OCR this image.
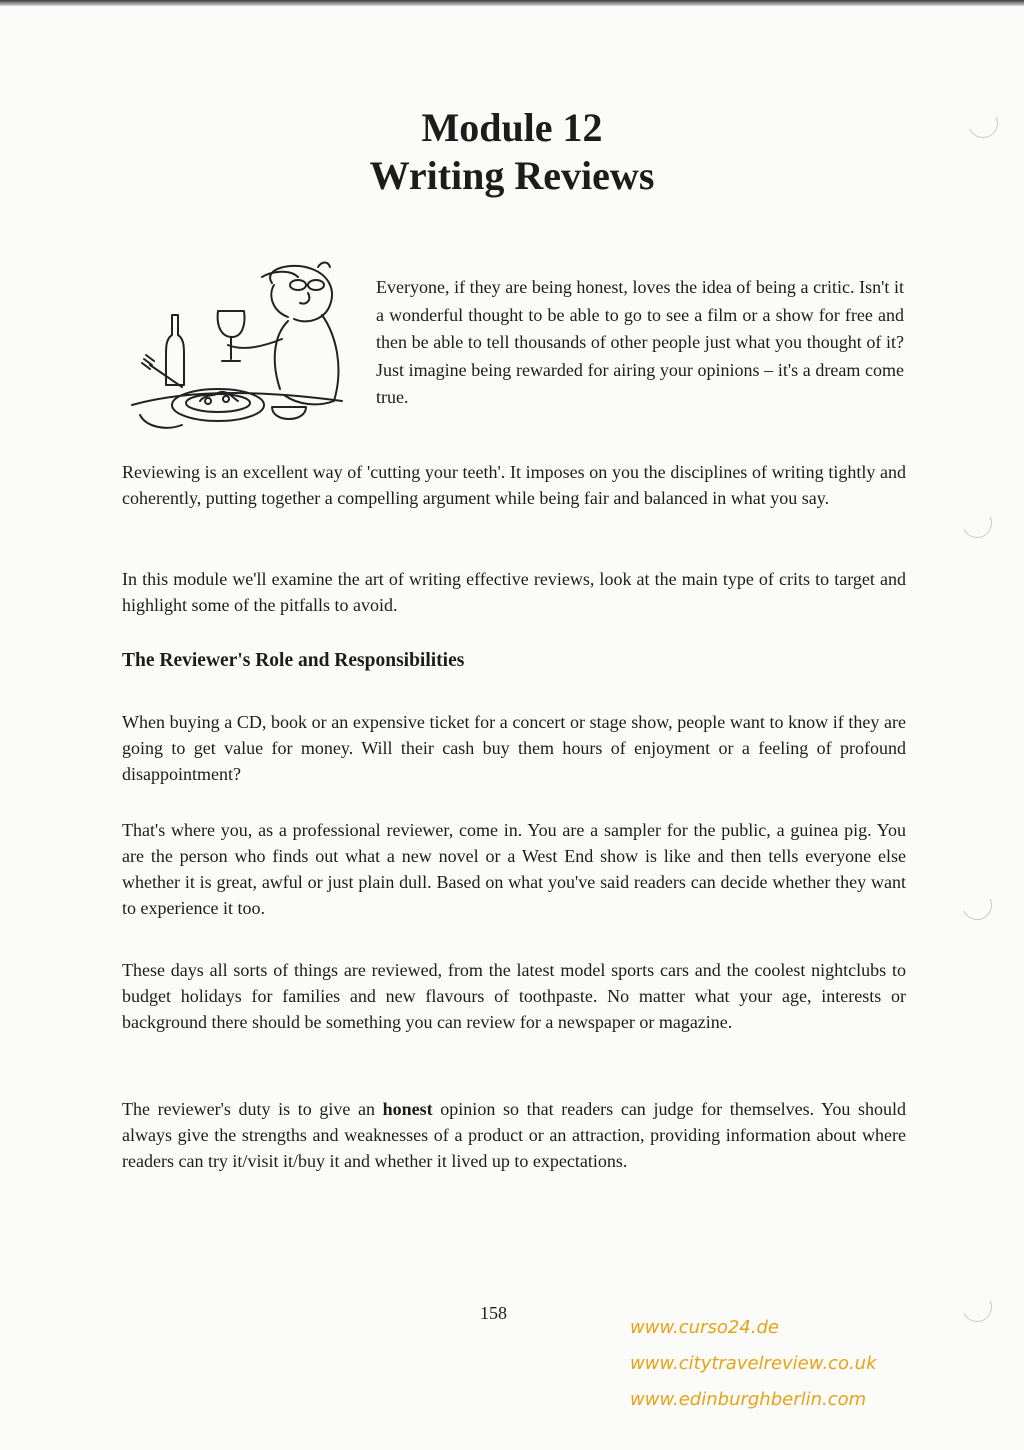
Module 12
Writing Reviews

Everyone, if they are being honest, loves the idea of being a critic. Isn't it a wonderful thought to be able to go to see a film or a show for free and then be able to tell thousands of other people just what you thought of it? Just imagine being rewarded for airing your opinions – it's a dream come true.

Reviewing is an excellent way of 'cutting your teeth'. It imposes on you the disciplines of writing tightly and coherently, putting together a compelling argument while being fair and balanced in what you say.

In this module we'll examine the art of writing effective reviews, look at the main type of crits to target and highlight some of the pitfalls to avoid.

The Reviewer's Role and Responsibilities

When buying a CD, book or an expensive ticket for a concert or stage show, people want to know if they are going to get value for money. Will their cash buy them hours of enjoyment or a feeling of profound disappointment?

That's where you, as a professional reviewer, come in. You are a sampler for the public, a guinea pig. You are the person who finds out what a new novel or a West End show is like and then tells everyone else whether it is great, awful or just plain dull. Based on what you've said readers can decide whether they want to experience it too.

These days all sorts of things are reviewed, from the latest model sports cars and the coolest nightclubs to budget holidays for families and new flavours of toothpaste. No matter what your age, interests or background there should be something you can review for a newspaper or magazine.

The reviewer's duty is to give an honest opinion so that readers can judge for themselves. You should always give the strengths and weaknesses of a product or an attraction, providing information about where readers can try it/visit it/buy it and whether it lived up to expectations.

158

www.curso24.de
www.citytravelreview.co.uk
www.edinburghberlin.com
